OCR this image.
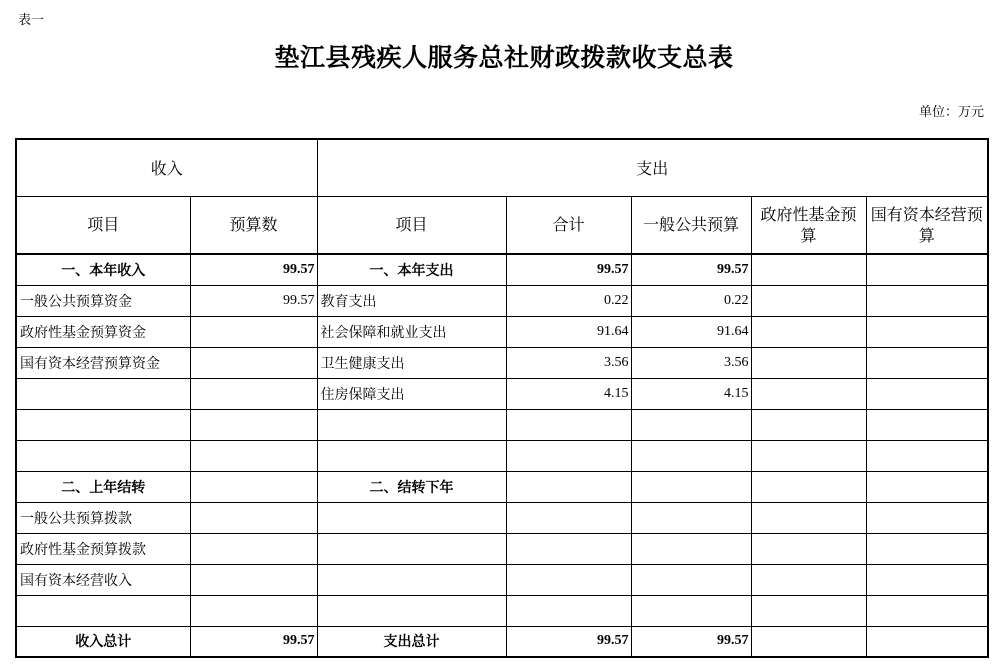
表一
垫江县残疾人服务总社财政拨款收支总表
单位：万元
收入		支出				
项目	预算数	项目	合计	一般公共预算	政府性基金预算	国有资本经营预算
一、本年收入	99.57	一、本年支出	99.57	99.57		
一般公共预算资金	99.57	教育支出	0.22	0.22		
政府性基金预算资金		社会保障和就业支出	91.64	91.64		
国有资本经营预算资金		卫生健康支出	3.56	3.56		
		住房保障支出	4.15	4.15		

二、上年结转		二、结转下年				
一般公共预算拨款						
政府性基金预算拨款						
国有资本经营收入						

收入总计	99.57	支出总计	99.57	99.57		
